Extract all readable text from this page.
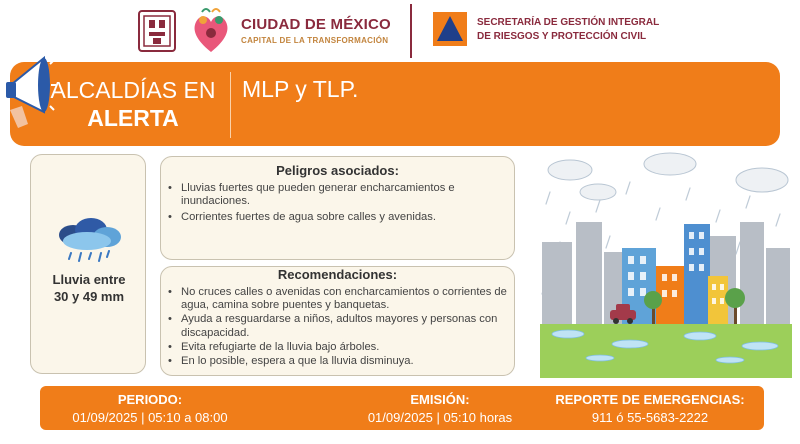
CIUDAD DE MÉXICO
CAPITAL DE LA TRANSFORMACIÓN
SECRETARÍA DE GESTIÓN INTEGRAL
DE RIESGOS Y PROTECCIÓN CIVIL
ALCALDÍAS EN
ALERTA
MLP y TLP.
Lluvia entre
30 y 49 mm
Peligros asociados:
• Lluvias fuertes que pueden generar encharcamientos e inundaciones.
• Corrientes fuertes de agua sobre calles y avenidas.
Recomendaciones:
• No cruces calles o avenidas con encharcamientos o corrientes de agua, camina sobre puentes y banquetas.
• Ayuda a resguardarse a niños, adultos mayores y personas con discapacidad.
• Evita refugiarte de la lluvia bajo árboles.
• En lo posible, espera a que la lluvia disminuya.
PERIODO:
01/09/2025 | 05:10 a 08:00
EMISIÓN:
01/09/2025 | 05:10 horas
REPORTE DE EMERGENCIAS:
911 ó 55-5683-2222
